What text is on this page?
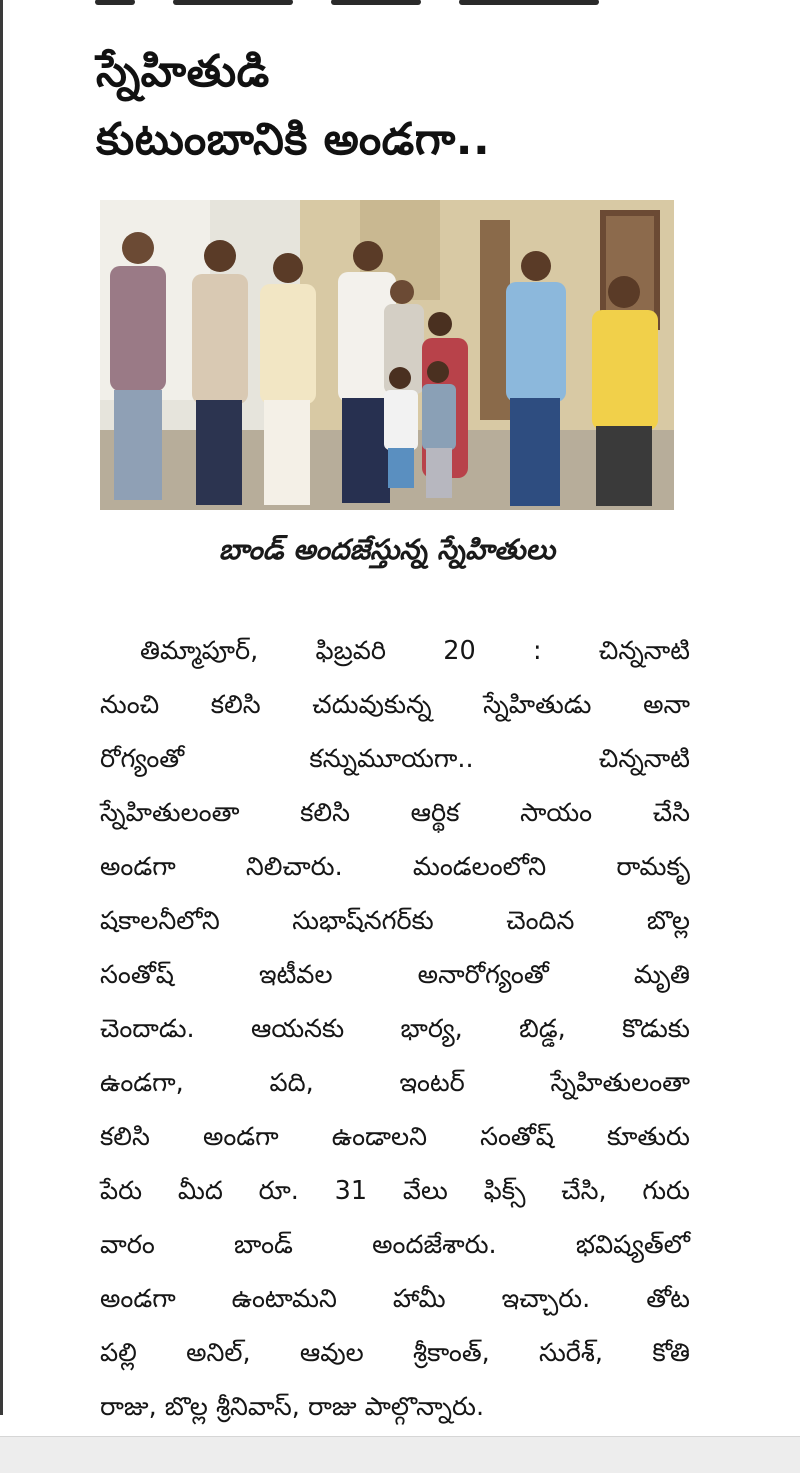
స్నేహితుడి
కుటుంబానికి అండగా..
బాండ్ అందజేస్తున్న స్నేహితులు
తిమ్మాపూర్, ఫిబ్రవరి 20 : చిన్ననాటి
నుంచి కలిసి చదువుకున్న స్నేహితుడు అనా
రోగ్యంతో కన్నుమూయగా.. చిన్ననాటి
స్నేహితులంతా కలిసి ఆర్థిక సాయం చేసి
అండగా నిలిచారు. మండలంలోని రామకృ
షకాలనీలోని సుభాష్‌నగర్‌కు చెందిన బొల్ల
సంతోష్ ఇటీవల అనారోగ్యంతో మృతి
చెందాడు. ఆయనకు భార్య, బిడ్డ, కొడుకు
ఉండగా, పది, ఇంటర్ స్నేహితులంతా
కలిసి అండగా ఉండాలని సంతోష్ కూతురు
పేరు మీద రూ. 31 వేలు ఫిక్స్ చేసి, గురు
వారం బాండ్ అందజేశారు. భవిష్యత్‌లో
అండగా ఉంటామని హామీ ఇచ్చారు. తోట
పల్లి అనిల్, ఆవుల శ్రీకాంత్, సురేశ్, కోతి
రాజు, బొల్ల శ్రీనివాస్, రాజు పాల్గొన్నారు.
